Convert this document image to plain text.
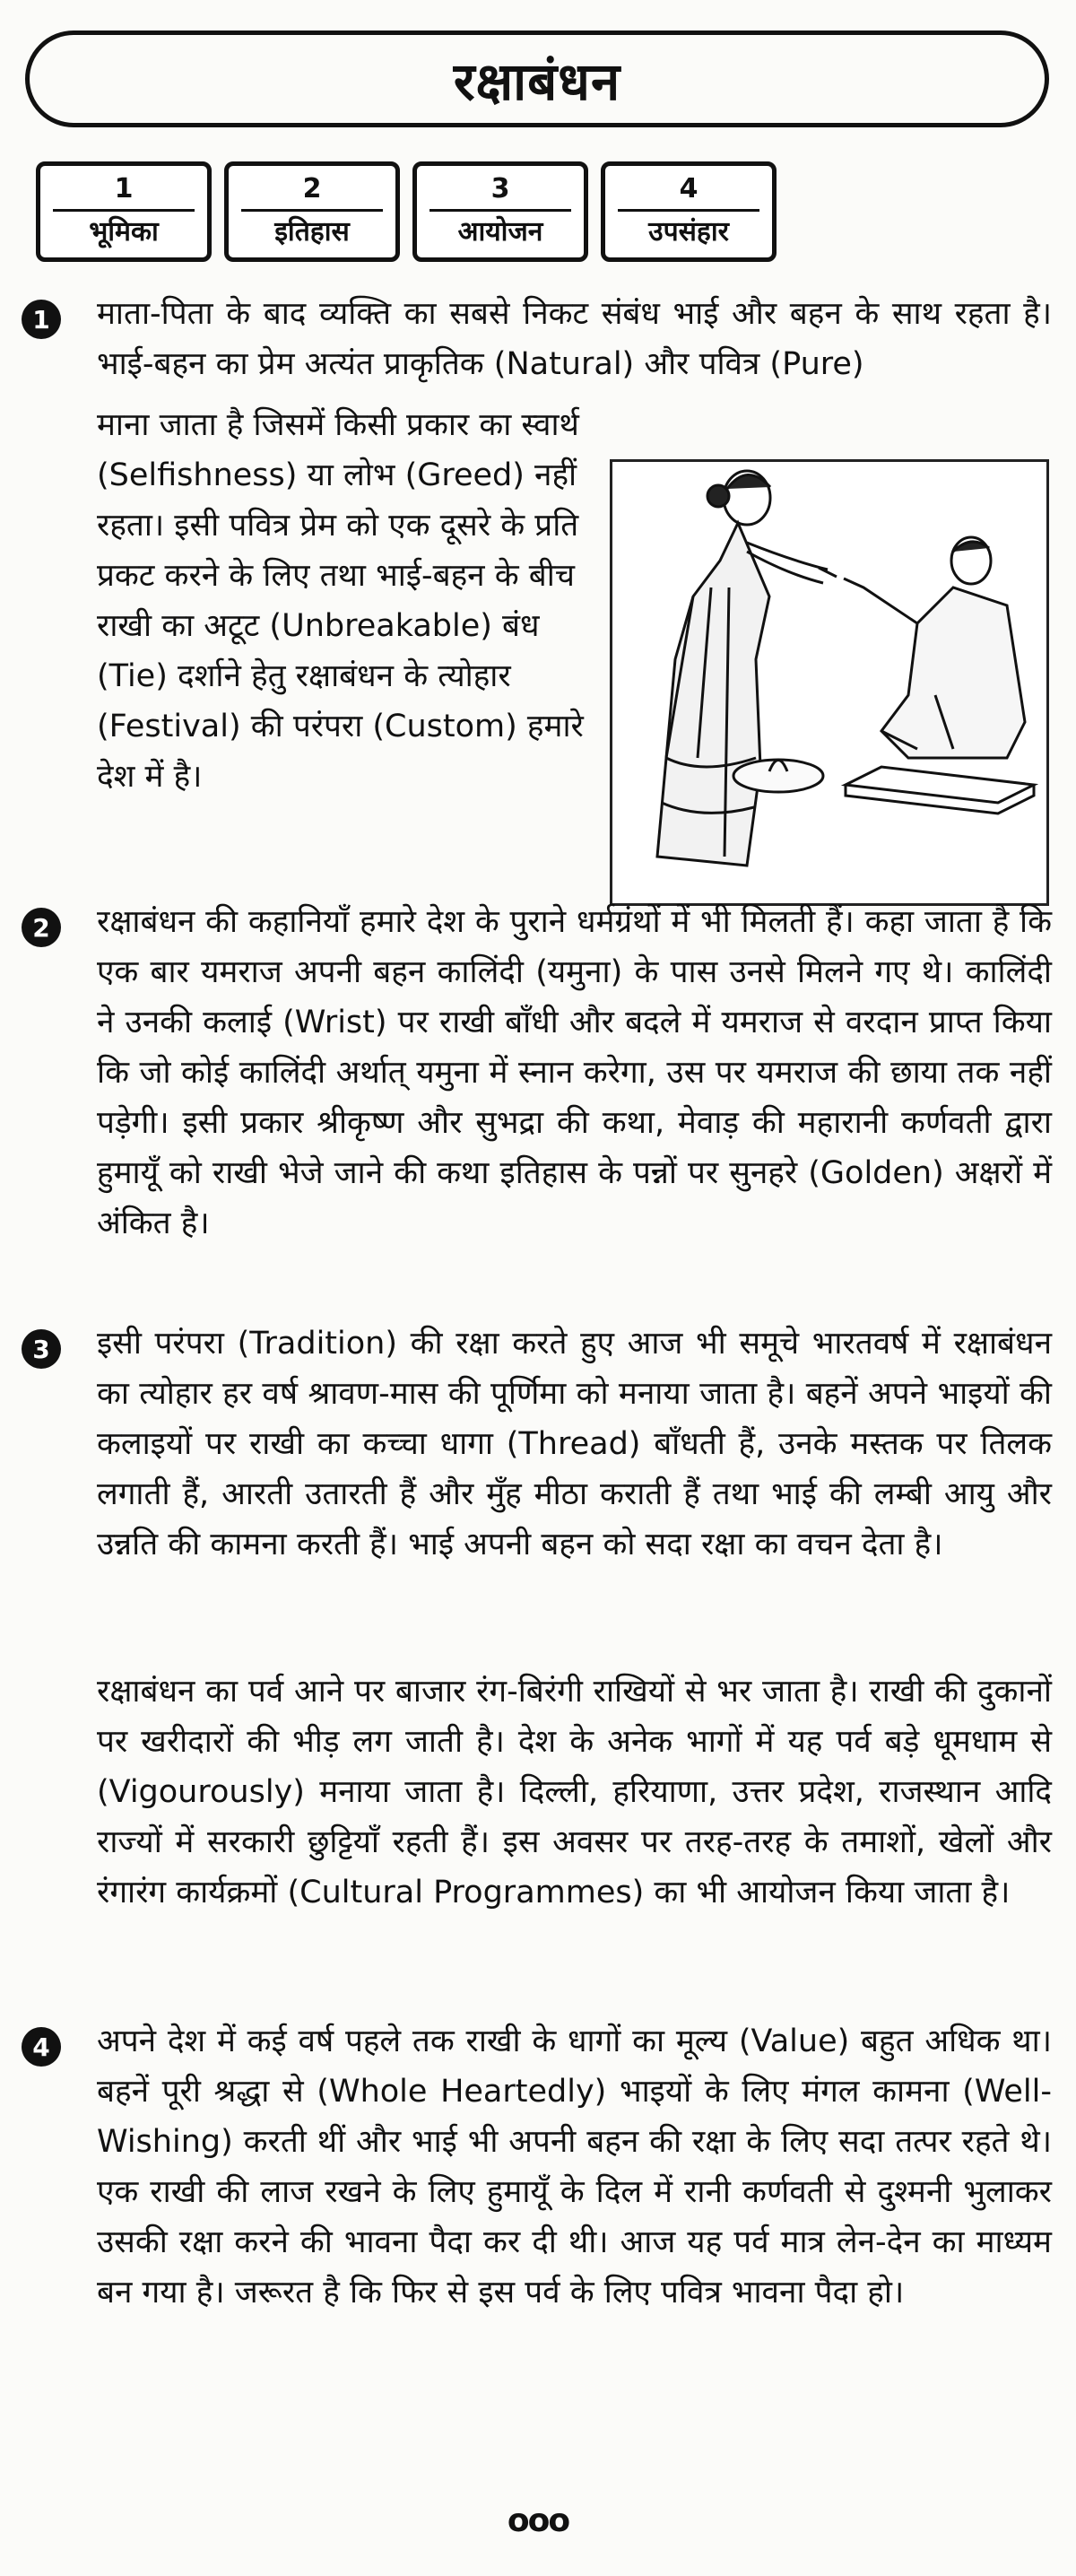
रक्षाबंधन
1
भूमिका
2
इतिहास
3
आयोजन
4
उपसंहार
1	माता-पिता के बाद व्यक्ति का सबसे निकट संबंध भाई और बहन के साथ रहता है। भाई-बहन का प्रेम अत्यंत प्राकृतिक (Natural) और पवित्र (Pure)

माना जाता है जिसमें किसी प्रकार का स्वार्थ (Selfishness) या लोभ (Greed) नहीं रहता। इसी पवित्र प्रेम को एक दूसरे के प्रति प्रकट करने के लिए तथा भाई-बहन के बीच राखी का अटूट (Unbreakable) बंध (Tie) दर्शाने हेतु रक्षाबंधन के त्योहार (Festival) की परंपरा (Custom) हमारे देश में है।

2	रक्षाबंधन की कहानियाँ हमारे देश के पुराने धर्मग्रंथों में भी मिलती हैं। कहा जाता है कि एक बार यमराज अपनी बहन कालिंदी (यमुना) के पास उनसे मिलने गए थे। कालिंदी ने उनकी कलाई (Wrist) पर राखी बाँधी और बदले में यमराज से वरदान प्राप्त किया कि जो कोई कालिंदी अर्थात् यमुना में स्नान करेगा, उस पर यमराज की छाया तक नहीं पड़ेगी। इसी प्रकार श्रीकृष्ण और सुभद्रा की कथा, मेवाड़ की महारानी कर्णवती द्वारा हुमायूँ को राखी भेजे जाने की कथा इतिहास के पन्नों पर सुनहरे (Golden) अक्षरों में अंकित है।

3	इसी परंपरा (Tradition) की रक्षा करते हुए आज भी समूचे भारतवर्ष में रक्षाबंधन का त्योहार हर वर्ष श्रावण-मास की पूर्णिमा को मनाया जाता है। बहनें अपने भाइयों की कलाइयों पर राखी का कच्चा धागा (Thread) बाँधती हैं, उनके मस्तक पर तिलक लगाती हैं, आरती उतारती हैं और मुँह मीठा कराती हैं तथा भाई की लम्बी आयु और उन्नति की कामना करती हैं। भाई अपनी बहन को सदा रक्षा का वचन देता है।

रक्षाबंधन का पर्व आने पर बाजार रंग-बिरंगी राखियों से भर जाता है। राखी की दुकानों पर खरीदारों की भीड़ लग जाती है। देश के अनेक भागों में यह पर्व बड़े धूमधाम से (Vigourously) मनाया जाता है। दिल्ली, हरियाणा, उत्तर प्रदेश, राजस्थान आदि राज्यों में सरकारी छुट्टियाँ रहती हैं। इस अवसर पर तरह-तरह के तमाशों, खेलों और रंगारंग कार्यक्रमों (Cultural Programmes) का भी आयोजन किया जाता है।

4	अपने देश में कई वर्ष पहले तक राखी के धागों का मूल्य (Value) बहुत अधिक था। बहनें पूरी श्रद्धा से (Whole Heartedly) भाइयों के लिए मंगल कामना (Well-Wishing) करती थीं और भाई भी अपनी बहन की रक्षा के लिए सदा तत्पर रहते थे। एक राखी की लाज रखने के लिए हुमायूँ के दिल में रानी कर्णवती से दुश्मनी भुलाकर उसकी रक्षा करने की भावना पैदा कर दी थी। आज यह पर्व मात्र लेन-देन का माध्यम बन गया है। जरूरत है कि फिर से इस पर्व के लिए पवित्र भावना पैदा हो।

ooo
